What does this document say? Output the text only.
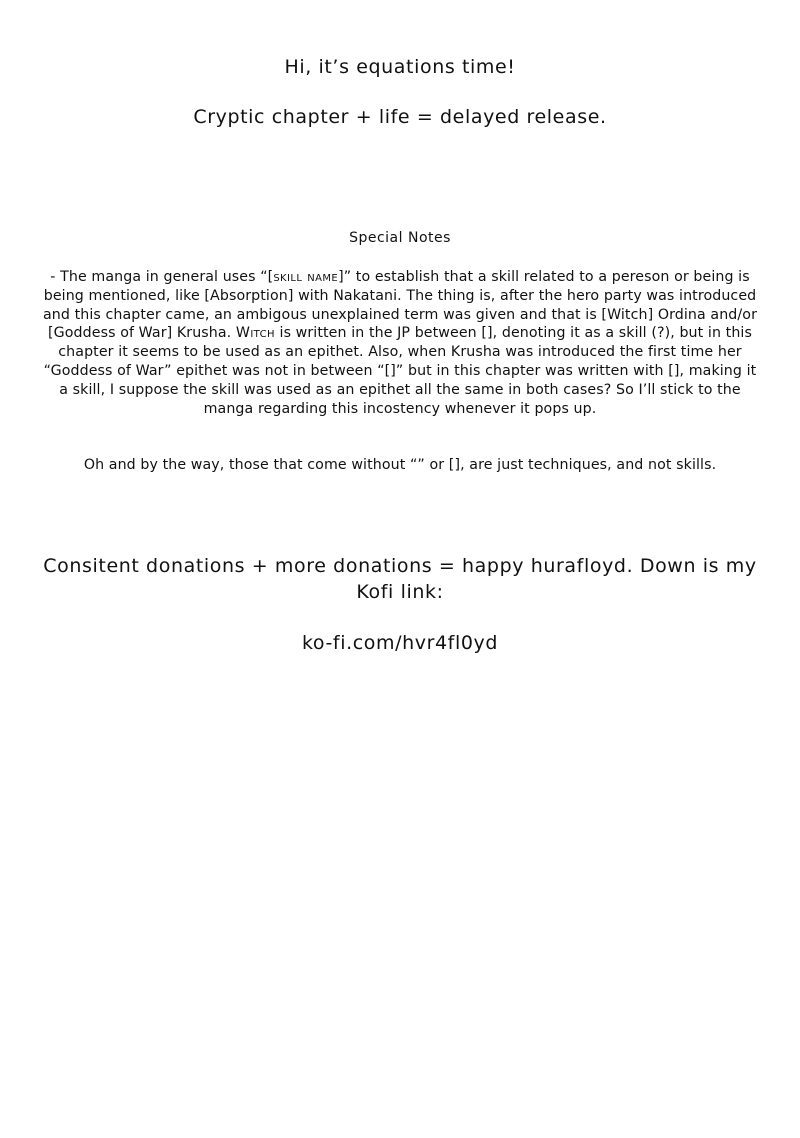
Hi, it’s equations time!
Cryptic chapter + life = delayed release.
Special Notes
- The manga in general uses “[skill name]” to establish that a skill related to a pereson or being is being mentioned, like [Absorption] with Nakatani. The thing is, after the hero party was introduced and this chapter came, an ambigous unexplained term was given and that is [Witch] Ordina and/or [Goddess of War] Krusha. Witch is written in the JP between [], denoting it as a skill (?), but in this chapter it seems to be used as an epithet. Also, when Krusha was introduced the first time her “Goddess of War” epithet was not in between “[]” but in this chapter was written with [], making it a skill, I suppose the skill was used as an epithet all the same in both cases? So I’ll stick to the manga regarding this incostency whenever it pops up.
Oh and by the way, those that come without “” or [], are just techniques, and not skills.
Consitent donations + more donations = happy hurafloyd. Down is my Kofi link:
ko-fi.com/hvr4fl0yd
